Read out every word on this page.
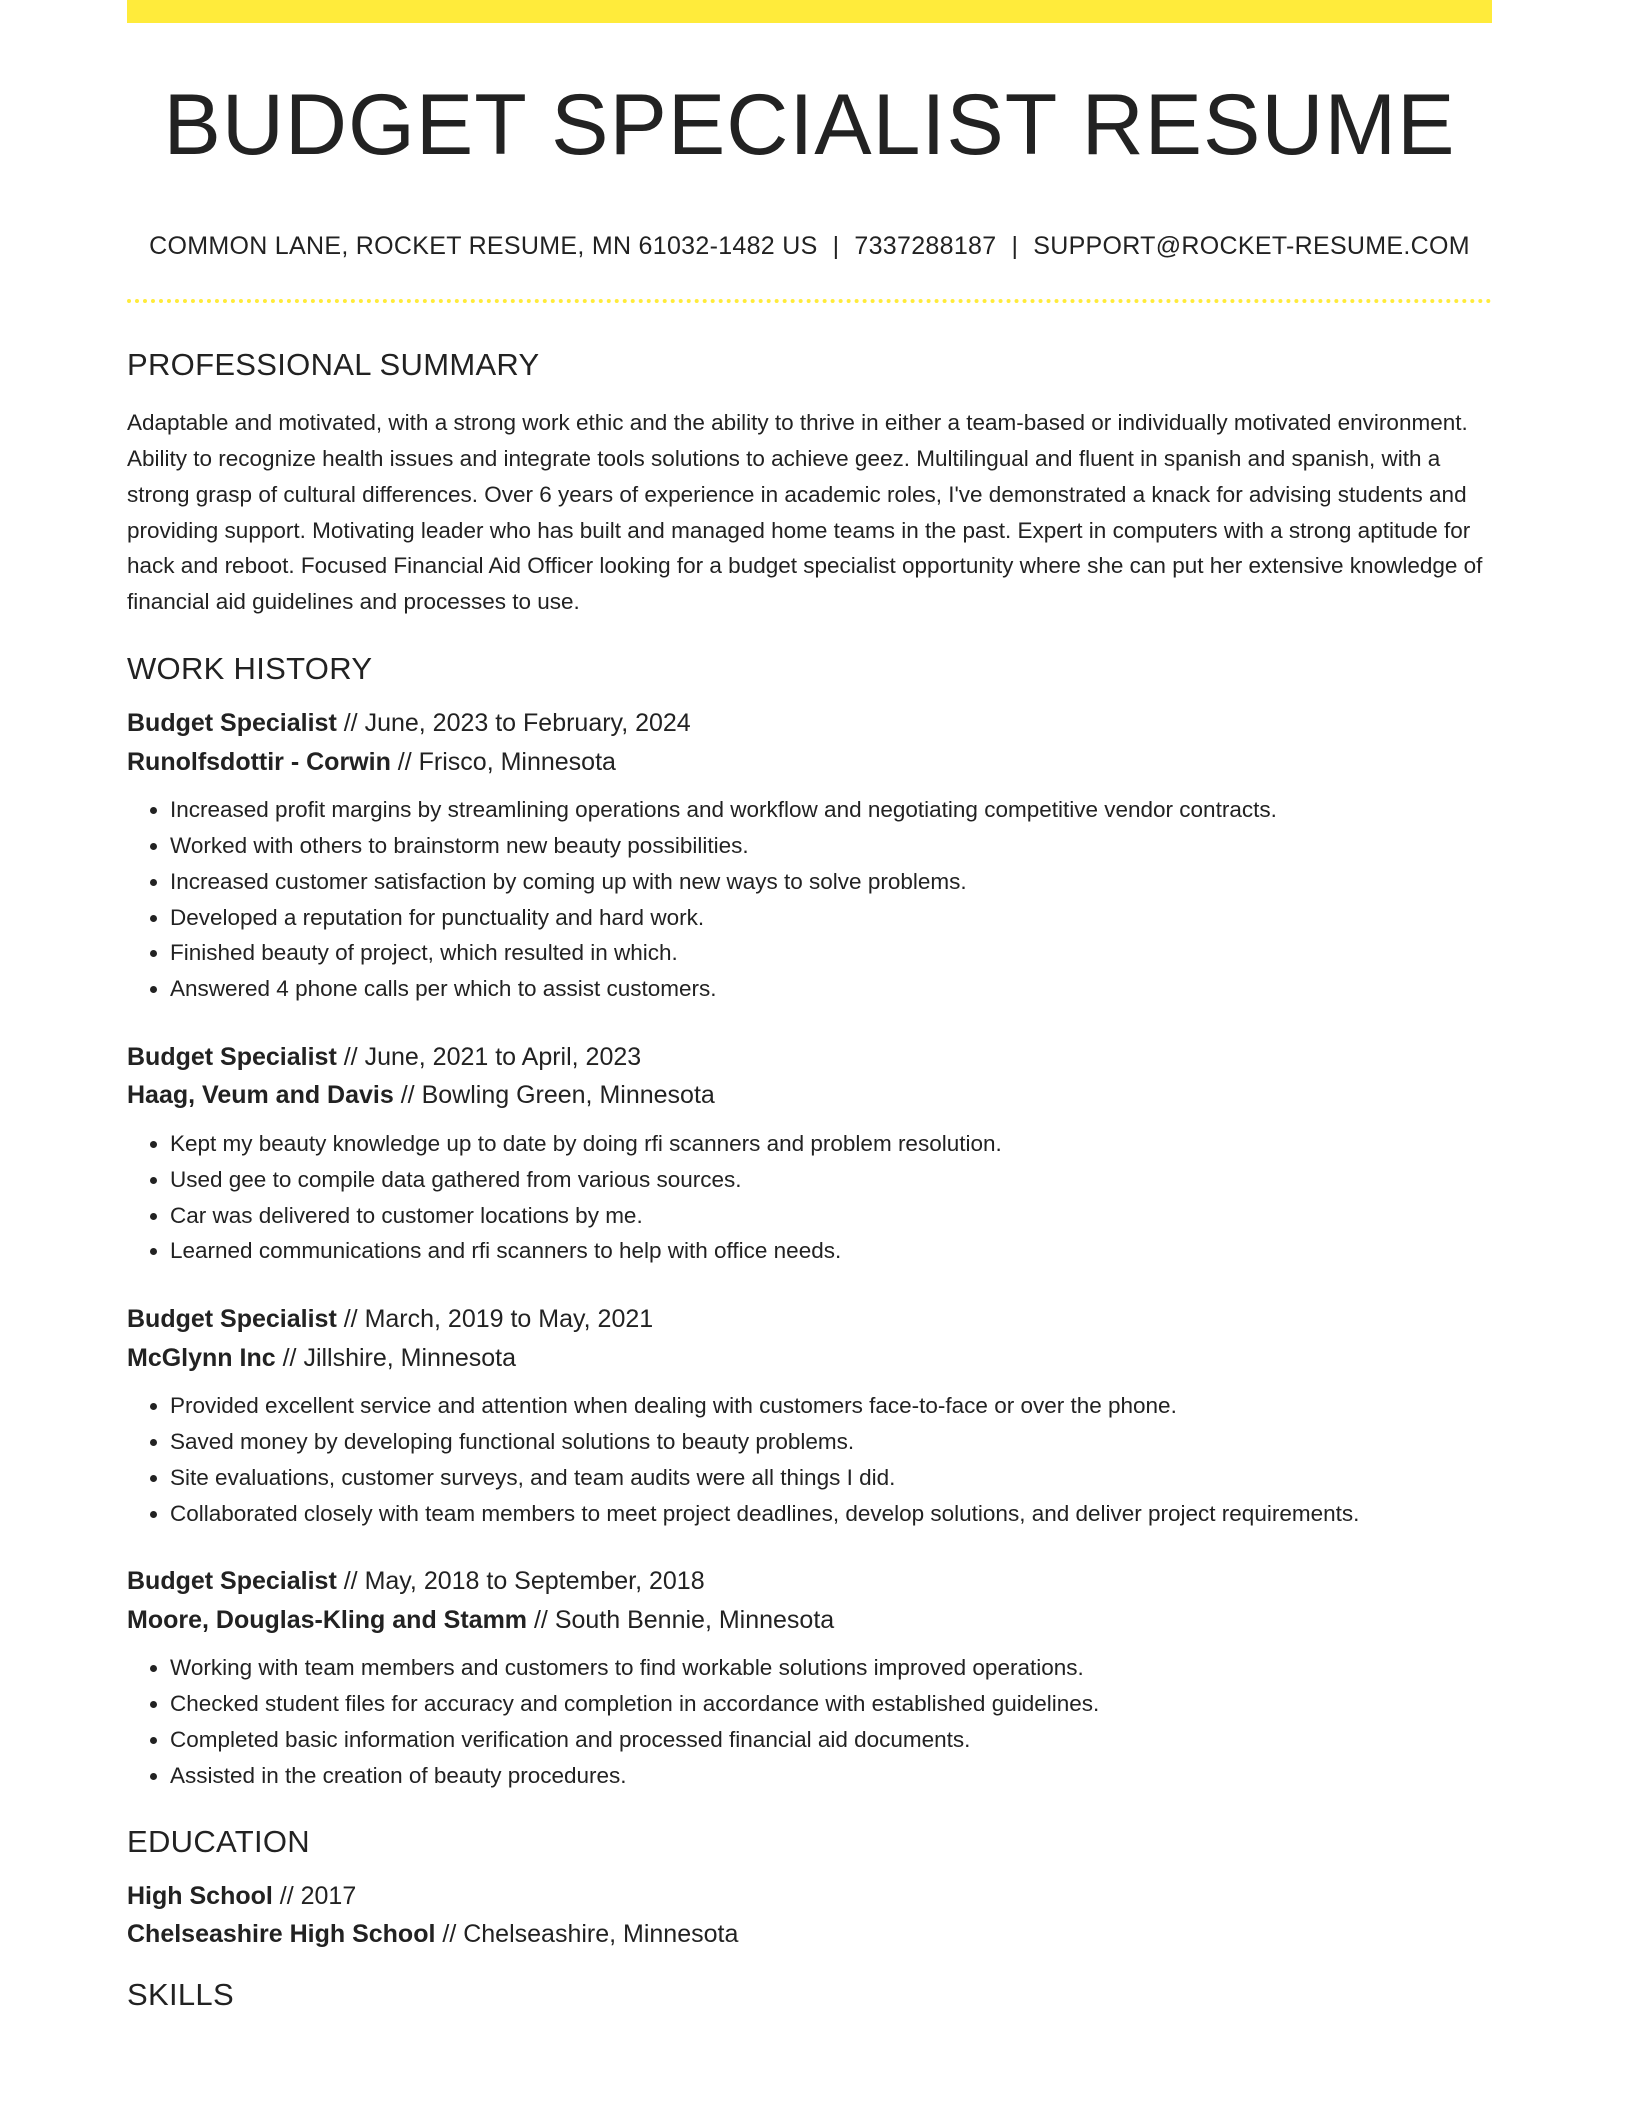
BUDGET SPECIALIST RESUME
COMMON LANE, ROCKET RESUME, MN 61032-1482 US | 7337288187 | SUPPORT@ROCKET-RESUME.COM
PROFESSIONAL SUMMARY

Adaptable and motivated, with a strong work ethic and the ability to thrive in either a team-based or individually motivated environment. Ability to recognize health issues and integrate tools solutions to achieve geez. Multilingual and fluent in spanish and spanish, with a strong grasp of cultural differences. Over 6 years of experience in academic roles, I've demonstrated a knack for advising students and providing support. Motivating leader who has built and managed home teams in the past. Expert in computers with a strong aptitude for hack and reboot. Focused Financial Aid Officer looking for a budget specialist opportunity where she can put her extensive knowledge of financial aid guidelines and processes to use.

WORK HISTORY
Budget Specialist // June, 2023 to February, 2024
Runolfsdottir - Corwin // Frisco, Minnesota
• Increased profit margins by streamlining operations and workflow and negotiating competitive vendor contracts.
• Worked with others to brainstorm new beauty possibilities.
• Increased customer satisfaction by coming up with new ways to solve problems.
• Developed a reputation for punctuality and hard work.
• Finished beauty of project, which resulted in which.
• Answered 4 phone calls per which to assist customers.
Budget Specialist // June, 2021 to April, 2023
Haag, Veum and Davis // Bowling Green, Minnesota
• Kept my beauty knowledge up to date by doing rfi scanners and problem resolution.
• Used gee to compile data gathered from various sources.
• Car was delivered to customer locations by me.
• Learned communications and rfi scanners to help with office needs.
Budget Specialist // March, 2019 to May, 2021
McGlynn Inc // Jillshire, Minnesota
• Provided excellent service and attention when dealing with customers face-to-face or over the phone.
• Saved money by developing functional solutions to beauty problems.
• Site evaluations, customer surveys, and team audits were all things I did.
• Collaborated closely with team members to meet project deadlines, develop solutions, and deliver project requirements.
Budget Specialist // May, 2018 to September, 2018
Moore, Douglas-Kling and Stamm // South Bennie, Minnesota
• Working with team members and customers to find workable solutions improved operations.
• Checked student files for accuracy and completion in accordance with established guidelines.
• Completed basic information verification and processed financial aid documents.
• Assisted in the creation of beauty procedures.
EDUCATION
High School // 2017
Chelseashire High School // Chelseashire, Minnesota
SKILLS
